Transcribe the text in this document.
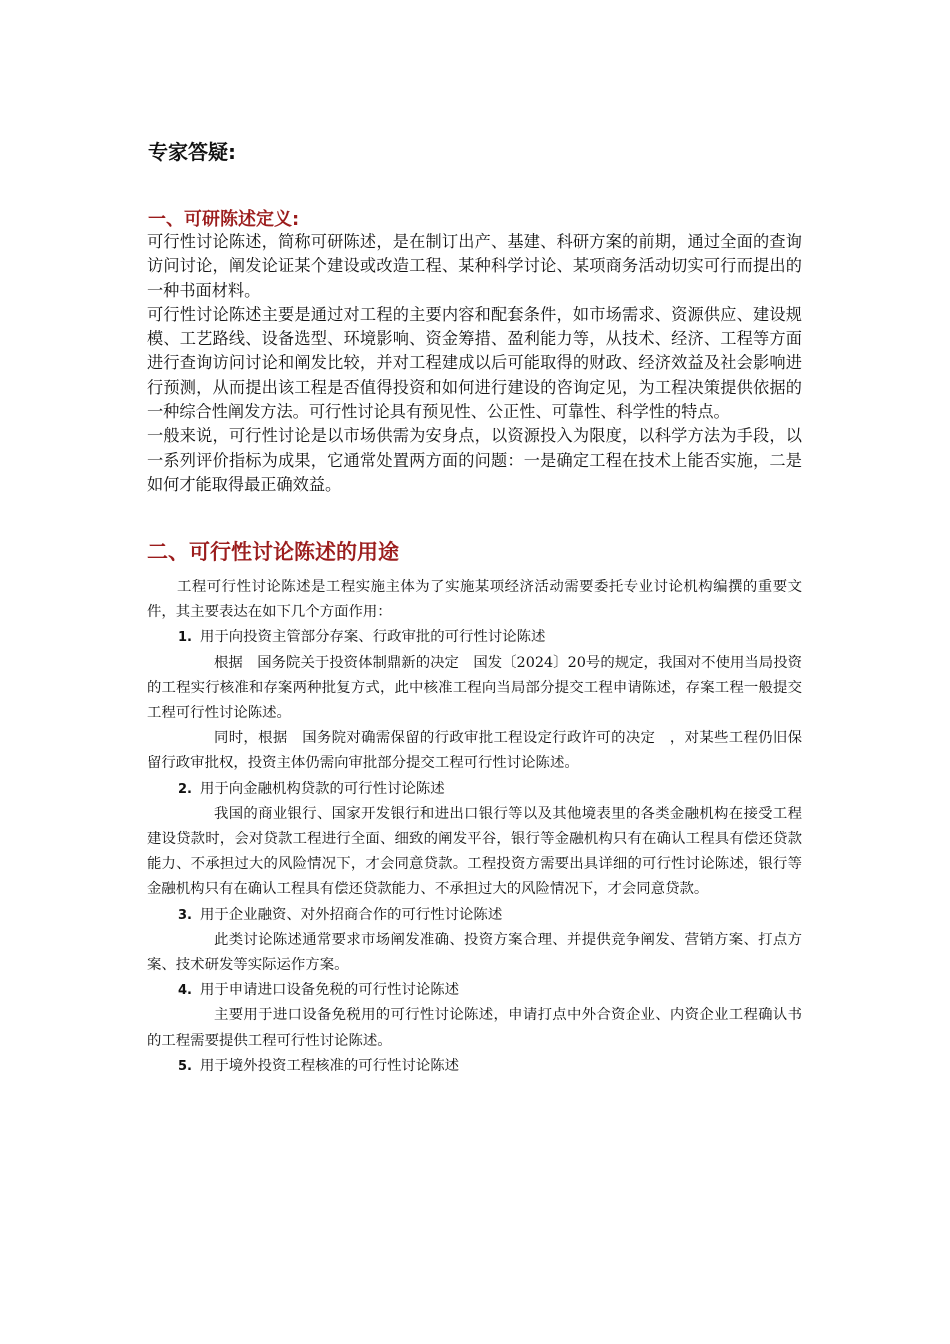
专家答疑:
一、可研陈述定义:

可行性讨论陈述，简称可研陈述，是在制订出产、基建、科研方案的前期，通过全面的查询访问讨论，阐发论证某个建设或改造工程、某种科学讨论、某项商务活动切实可行而提出的一种书面材料。

可行性讨论陈述主要是通过对工程的主要内容和配套条件，如市场需求、资源供应、建设规模、工艺路线、设备选型、环境影响、资金筹措、盈利能力等，从技术、经济、工程等方面进行查询访问讨论和阐发比较，并对工程建成以后可能取得的财政、经济效益及社会影响进行预测，从而提出该工程是否值得投资和如何进行建设的咨询定见，为工程决策提供依据的一种综合性阐发方法。可行性讨论具有预见性、公正性、可靠性、科学性的特点。

一般来说，可行性讨论是以市场供需为安身点，以资源投入为限度，以科学方法为手段，以一系列评价指标为成果，它通常处置两方面的问题：一是确定工程在技术上能否实施，二是如何才能取得最正确效益。

二、可行性讨论陈述的用途

工程可行性讨论陈述是工程实施主体为了实施某项经济活动需要委托专业讨论机构编撰的重要文件，其主要表达在如下几个方面作用：

1. 用于向投资主管部分存案、行政审批的可行性讨论陈述

根据　国务院关于投资体制鼎新的决定　国发〔2024〕20号的规定，我国对不使用当局投资的工程实行核准和存案两种批复方式，此中核准工程向当局部分提交工程申请陈述，存案工程一般提交工程可行性讨论陈述。

同时，根据　国务院对确需保留的行政审批工程设定行政许可的决定　，对某些工程仍旧保留行政审批权，投资主体仍需向审批部分提交工程可行性讨论陈述。

2. 用于向金融机构贷款的可行性讨论陈述

我国的商业银行、国家开发银行和进出口银行等以及其他境表里的各类金融机构在接受工程建设贷款时，会对贷款工程进行全面、细致的阐发平谷，银行等金融机构只有在确认工程具有偿还贷款能力、不承担过大的风险情况下，才会同意贷款。工程投资方需要出具详细的可行性讨论陈述，银行等金融机构只有在确认工程具有偿还贷款能力、不承担过大的风险情况下，才会同意贷款。

3. 用于企业融资、对外招商合作的可行性讨论陈述

此类讨论陈述通常要求市场阐发准确、投资方案合理、并提供竞争阐发、营销方案、打点方案、技术研发等实际运作方案。

4. 用于申请进口设备免税的可行性讨论陈述

主要用于进口设备免税用的可行性讨论陈述，申请打点中外合资企业、内资企业工程确认书的工程需要提供工程可行性讨论陈述。

5. 用于境外投资工程核准的可行性讨论陈述
